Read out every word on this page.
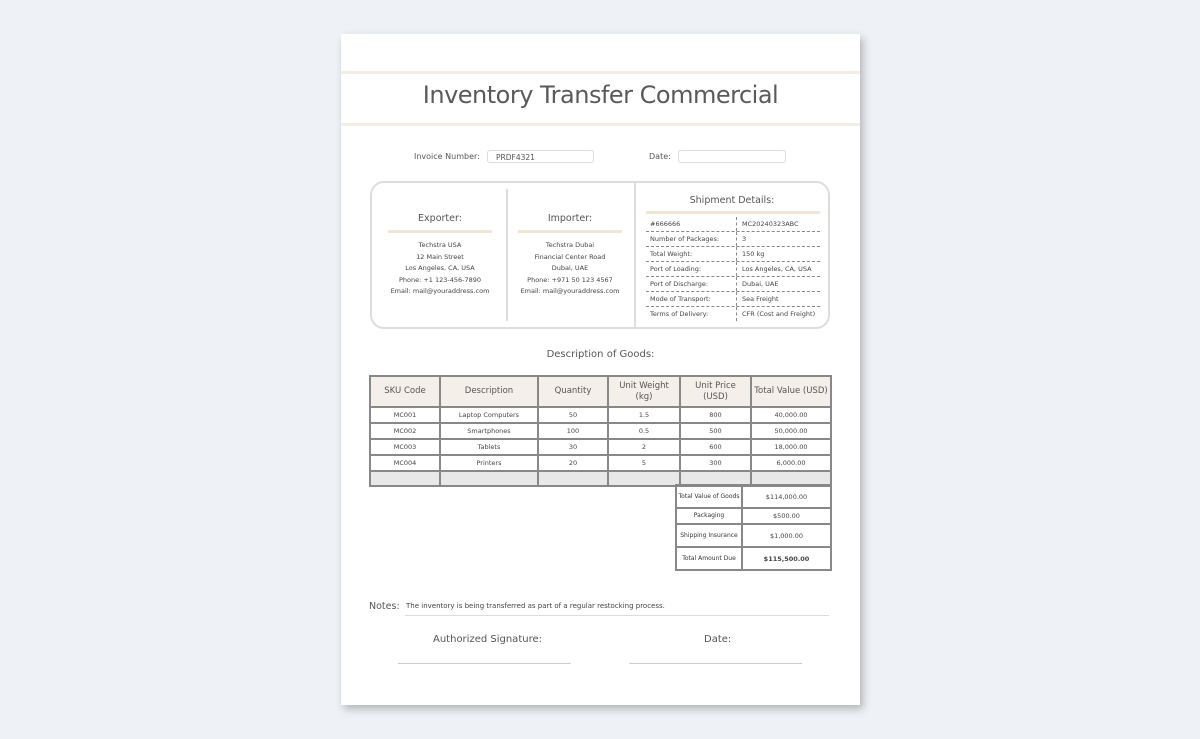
Inventory Transfer Commercial
Invoice Number:	PRDF4321	Date:
Exporter:
Techstra USA
12 Main Street
Los Angeles, CA, USA
Phone: +1 123-456-7890
Email: mail@youraddress.com
Importer:
Techstra Dubai
Financial Center Road
Dubai, UAE
Phone: +971 50 123 4567
Email: mail@youraddress.com
Shipment Details:
#666666	MC20240323ABC
Number of Packages:	3
Total Weight:	150 kg
Port of Loading:	Los Angeles, CA, USA
Port of Discharge:	Dubai, UAE
Mode of Transport:	Sea Freight
Terms of Delivery:	CFR (Cost and Freight)
Description of Goods:
SKU Code	Description	Quantity	Unit Weight (kg)	Unit Price (USD)	Total Value (USD)
MC001	Laptop Computers	50	1.5	800	40,000.00
MC002	Smartphones	100	0.5	500	50,000.00
MC003	Tablets	30	2	600	18,000.00
MC004	Printers	20	5	300	6,000.00

Total Value of Goods	$114,000.00
Packaging	$500.00
Shipping Insurance	$1,000.00
Total Amount Due	$115,500.00
Notes: The inventory is being transferred as part of a regular restocking process.
Authorized Signature:	Date:
